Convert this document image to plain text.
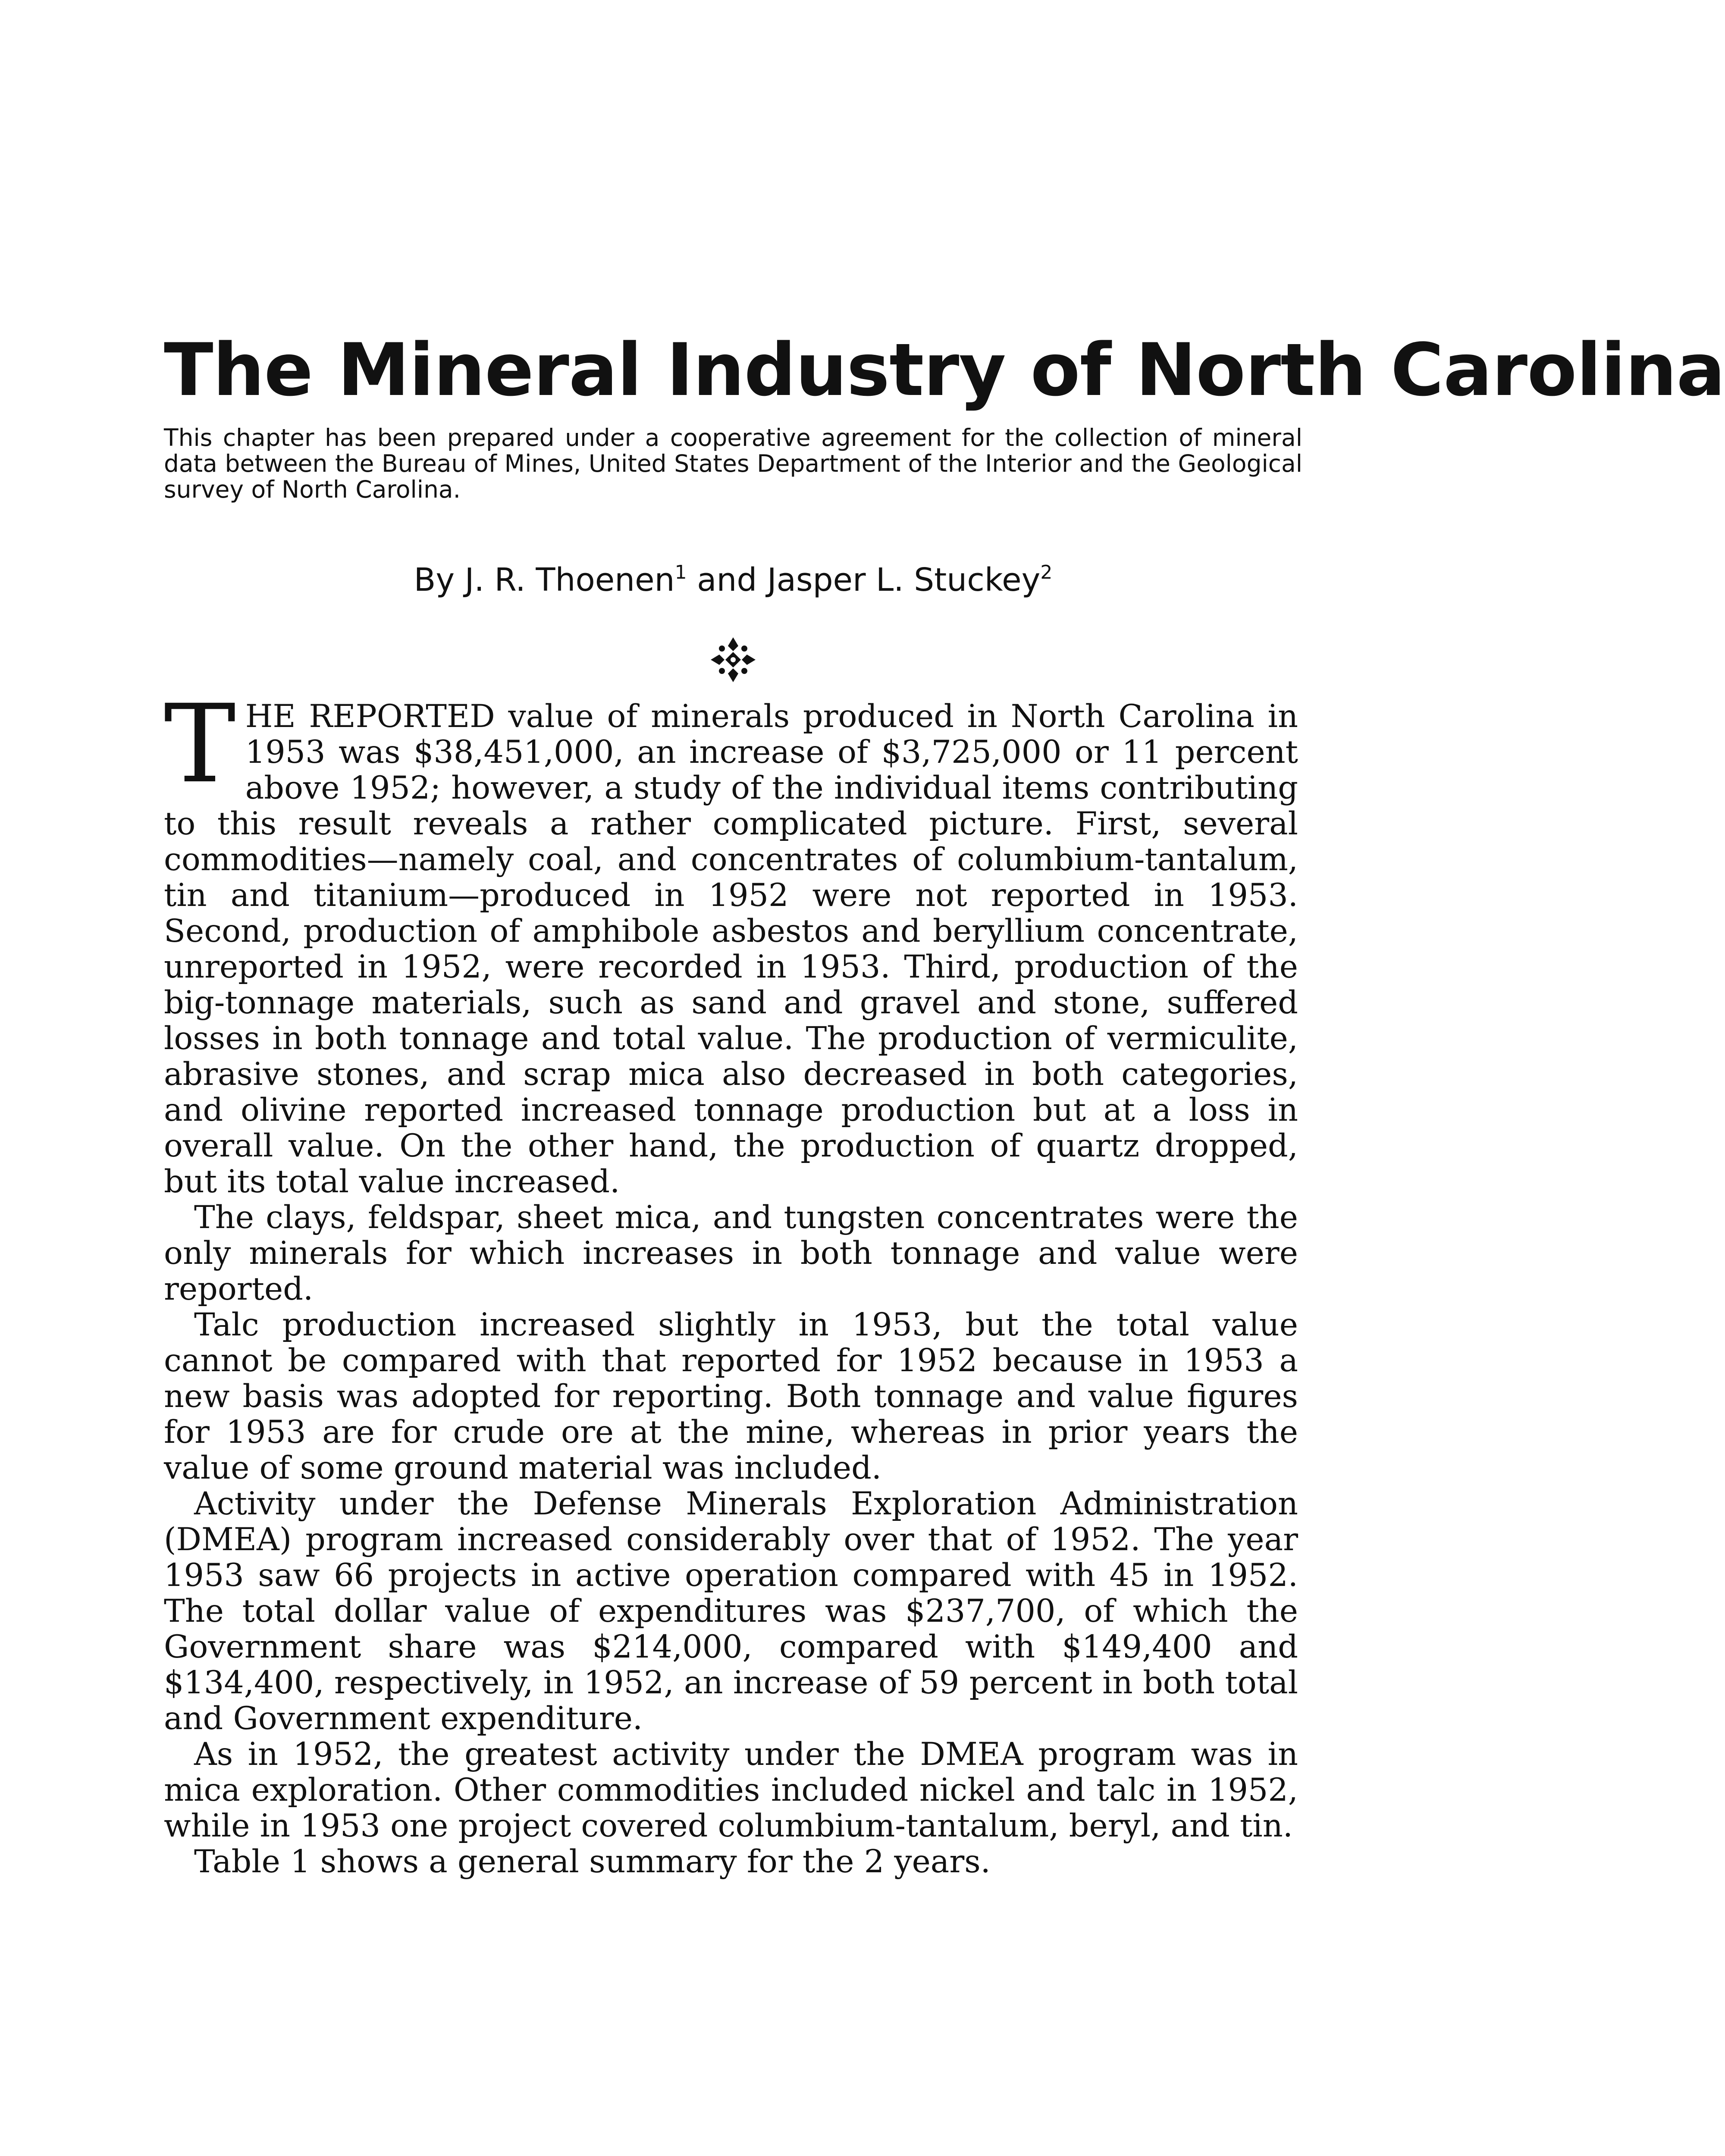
The Mineral Industry of North Carolina
This chapter has been prepared under a cooperative agreement for the collection of mineral data between the Bureau of Mines, United States Department of the Interior and the Geological survey of North Carolina.
By J. R. Thoenen$^1$ and Jasper L. Stuckey$^2$

THE REPORTED value of minerals produced in North Carolina in 1953 was $38,451,000, an increase of $3,725,000 or 11 percent above 1952; however, a study of the individual items contributing to this result reveals a rather complicated picture. First, several commodities—namely coal, and concentrates of columbium-tantalum, tin and titanium—produced in 1952 were not reported in 1953. Second, production of amphibole asbestos and beryllium concentrate, unreported in 1952, were recorded in 1953. Third, production of the big-tonnage materials, such as sand and gravel and stone, suffered losses in both tonnage and total value. The production of vermiculite, abrasive stones, and scrap mica also decreased in both categories, and olivine reported increased tonnage production but at a loss in overall value. On the other hand, the production of quartz dropped, but its total value increased.

The clays, feldspar, sheet mica, and tungsten concentrates were the only minerals for which increases in both tonnage and value were reported.

Talc production increased slightly in 1953, but the total value cannot be compared with that reported for 1952 because in 1953 a new basis was adopted for reporting. Both tonnage and value figures for 1953 are for crude ore at the mine, whereas in prior years the value of some ground material was included.

Activity under the Defense Minerals Exploration Administration (DMEA) program increased considerably over that of 1952. The year 1953 saw 66 projects in active operation compared with 45 in 1952. The total dollar value of expenditures was $237,700, of which the Government share was $214,000, compared with $149,400 and $134,400, respectively, in 1952, an increase of 59 percent in both total and Government expenditure.

As in 1952, the greatest activity under the DMEA program was in mica exploration. Other commodities included nickel and talc in 1952, while in 1953 one project covered columbium-tantalum, beryl, and tin.

Table 1 shows a general summary for the 2 years.
